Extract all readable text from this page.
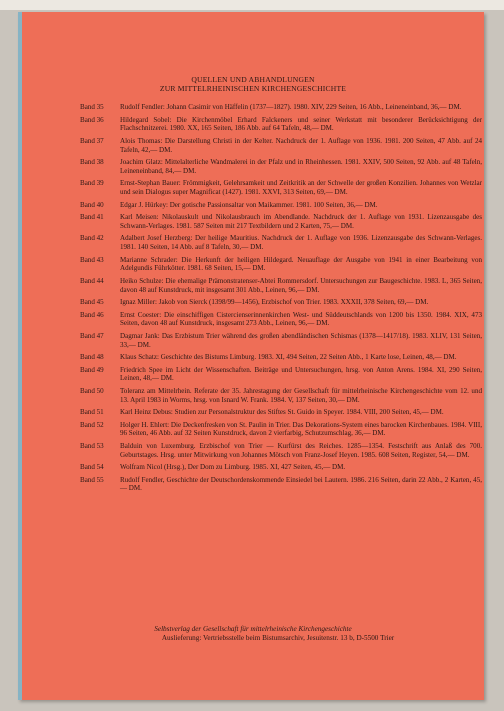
QUELLEN UND ABHANDLUNGEN
ZUR MITTELRHEINISCHEN KIRCHENGESCHICHTE
Band 35	Rudolf Fendler: Johann Casimir von Häffelin (1737—1827). 1980. XIV, 229 Seiten, 16 Abb., Leineneinband, 36,— DM.
Band 36	Hildegard Sobel: Die Kirchenmöbel Erhard Falckeners und seiner Werkstatt mit besonderer Berücksichtigung der Flachschnitzerei. 1980. XX, 165 Seiten, 186 Abb. auf 64 Tafeln, 48,— DM.
Band 37	Alois Thomas: Die Darstellung Christi in der Kelter. Nachdruck der 1. Auflage von 1936. 1981. 200 Seiten, 47 Abb. auf 24 Tafeln, 42,— DM.
Band 38	Joachim Glatz: Mittelalterliche Wandmalerei in der Pfalz und in Rheinhessen. 1981. XXIV, 500 Seiten, 92 Abb. auf 48 Tafeln, Leineneinband, 84,— DM.
Band 39	Ernst-Stephan Bauer: Frömmigkeit, Gelehrsamkeit und Zeitkritik an der Schwelle der großen Konzilien. Johannes von Wetzlar und sein Dialogus super Magnificat (1427). 1981. XXVI, 313 Seiten, 69,— DM.
Band 40	Edgar J. Hürkey: Der gotische Passionsaltar von Maikammer. 1981. 100 Seiten, 36,— DM.
Band 41	Karl Meisen: Nikolauskult und Nikolausbrauch im Abendlande. Nachdruck der 1. Auflage von 1931. Lizenzausgabe des Schwann-Verlages. 1981. 587 Seiten mit 217 Textbildern und 2 Karten, 75,— DM.
Band 42	Adalbert Josef Herzberg: Der heilige Mauritius. Nachdruck der 1. Auflage von 1936. Lizenzausgabe des Schwann-Verlages. 1981. 140 Seiten, 14 Abb. auf 8 Tafeln, 30,— DM.
Band 43	Marianne Schrader: Die Herkunft der heiligen Hildegard. Neuauflage der Ausgabe von 1941 in einer Bearbeitung von Adelgundis Führkötter. 1981. 68 Seiten, 15,— DM.
Band 44	Heiko Schulze: Die ehemalige Prämonstratenser-Abtei Rommersdorf. Untersuchungen zur Baugeschichte. 1983. L, 365 Seiten, davon 48 auf Kunstdruck, mit insgesamt 301 Abb., Leinen, 96,— DM.
Band 45	Ignaz Miller: Jakob von Sierck (1398/99—1456), Erzbischof von Trier. 1983. XXXII, 378 Seiten, 69,— DM.
Band 46	Ernst Coester: Die einschiffigen Cistercienserinnenkirchen West- und Süddeutschlands von 1200 bis 1350. 1984. XIX, 473 Seiten, davon 48 auf Kunstdruck, insgesamt 273 Abb., Leinen, 96,— DM.
Band 47	Dagmar Jank: Das Erzbistum Trier während des großen abendländischen Schismas (1378—1417/18). 1983. XLIV, 131 Seiten, 33,— DM.
Band 48	Klaus Schatz: Geschichte des Bistums Limburg. 1983. XI, 494 Seiten, 22 Seiten Abb., 1 Karte lose, Leinen, 48,— DM.
Band 49	Friedrich Spee im Licht der Wissenschaften. Beiträge und Untersuchungen, hrsg. von Anton Arens. 1984. XI, 290 Seiten, Leinen, 48,— DM.
Band 50	Toleranz am Mittelrhein. Referate der 35. Jahrestagung der Gesellschaft für mittelrheinische Kirchengeschichte vom 12. und 13. April 1983 in Worms, hrsg. von Isnard W. Frank. 1984. V, 137 Seiten, 30,— DM.
Band 51	Karl Heinz Debus: Studien zur Personalstruktur des Stiftes St. Guido in Speyer. 1984. VIII, 200 Seiten, 45,— DM.
Band 52	Holger H. Ehlert: Die Deckenfresken von St. Paulin in Trier. Das Dekorations-System eines barocken Kirchenbaues. 1984. VIII, 96 Seiten, 46 Abb. auf 32 Seiten Kunstdruck, davon 2 vierfarbig, Schutzumschlag, 36,— DM.
Band 53	Balduin von Luxemburg. Erzbischof von Trier — Kurfürst des Reiches. 1285—1354. Festschrift aus Anlaß des 700. Geburtstages. Hrsg. unter Mitwirkung von Johannes Mötsch von Franz-Josef Heyen. 1985. 608 Seiten, Register, 54,— DM.
Band 54	Wolfram Nicol (Hrsg.), Der Dom zu Limburg. 1985. XI, 427 Seiten, 45,— DM.
Band 55	Rudolf Fendler, Geschichte der Deutschordenskommende Einsiedel bei Lautern. 1986. 216 Seiten, darin 22 Abb., 2 Karten, 45,— DM.
Selbstverlag der Gesellschaft für mittelrheinische Kirchengeschichte
Auslieferung: Vertriebsstelle beim Bistumsarchiv, Jesuitenstr. 13 b, D-5500 Trier
